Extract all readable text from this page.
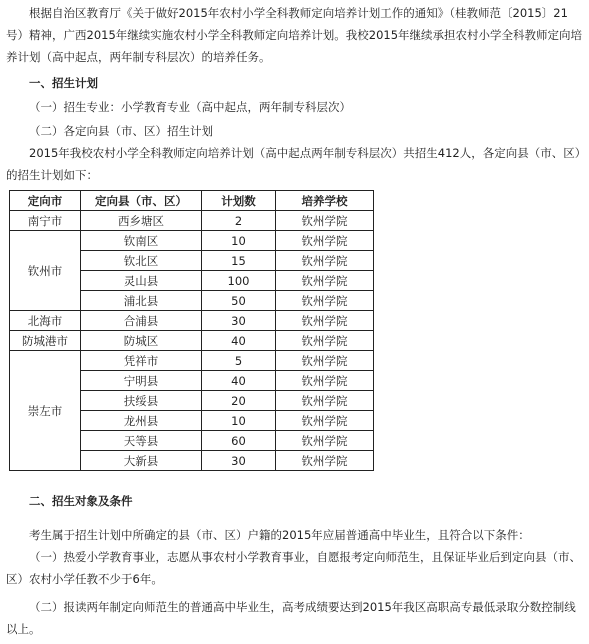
根据自治区教育厅《关于做好2015年农村小学全科教师定向培养计划工作的通知》（桂教师范〔2015〕21号）精神，广西2015年继续实施农村小学全科教师定向培养计划。我校2015年继续承担农村小学全科教师定向培养计划（高中起点，两年制专科层次）的培养任务。
一、招生计划
（一）招生专业：小学教育专业（高中起点，两年制专科层次）
（二）各定向县（市、区）招生计划
2015年我校农村小学全科教师定向培养计划（高中起点两年制专科层次）共招生412人，各定向县（市、区）的招生计划如下：
定向市	定向县（市、区）	计划数	培养学校
南宁市	西乡塘区	2	钦州学院
钦州市	钦南区	10	钦州学院
	钦北区	15	钦州学院
	灵山县	100	钦州学院
	浦北县	50	钦州学院
北海市	合浦县	30	钦州学院
防城港市	防城区	40	钦州学院
崇左市	凭祥市	5	钦州学院
	宁明县	40	钦州学院
	扶绥县	20	钦州学院
	龙州县	10	钦州学院
	天等县	60	钦州学院
	大新县	30	钦州学院
二、招生对象及条件
考生属于招生计划中所确定的县（市、区）户籍的2015年应届普通高中毕业生，且符合以下条件：
（一）热爱小学教育事业，志愿从事农村小学教育事业，自愿报考定向师范生，且保证毕业后到定向县（市、区）农村小学任教不少于6年。
（二）报读两年制定向师范生的普通高中毕业生，高考成绩要达到2015年我区高职高专最低录取分数控制线以上。
